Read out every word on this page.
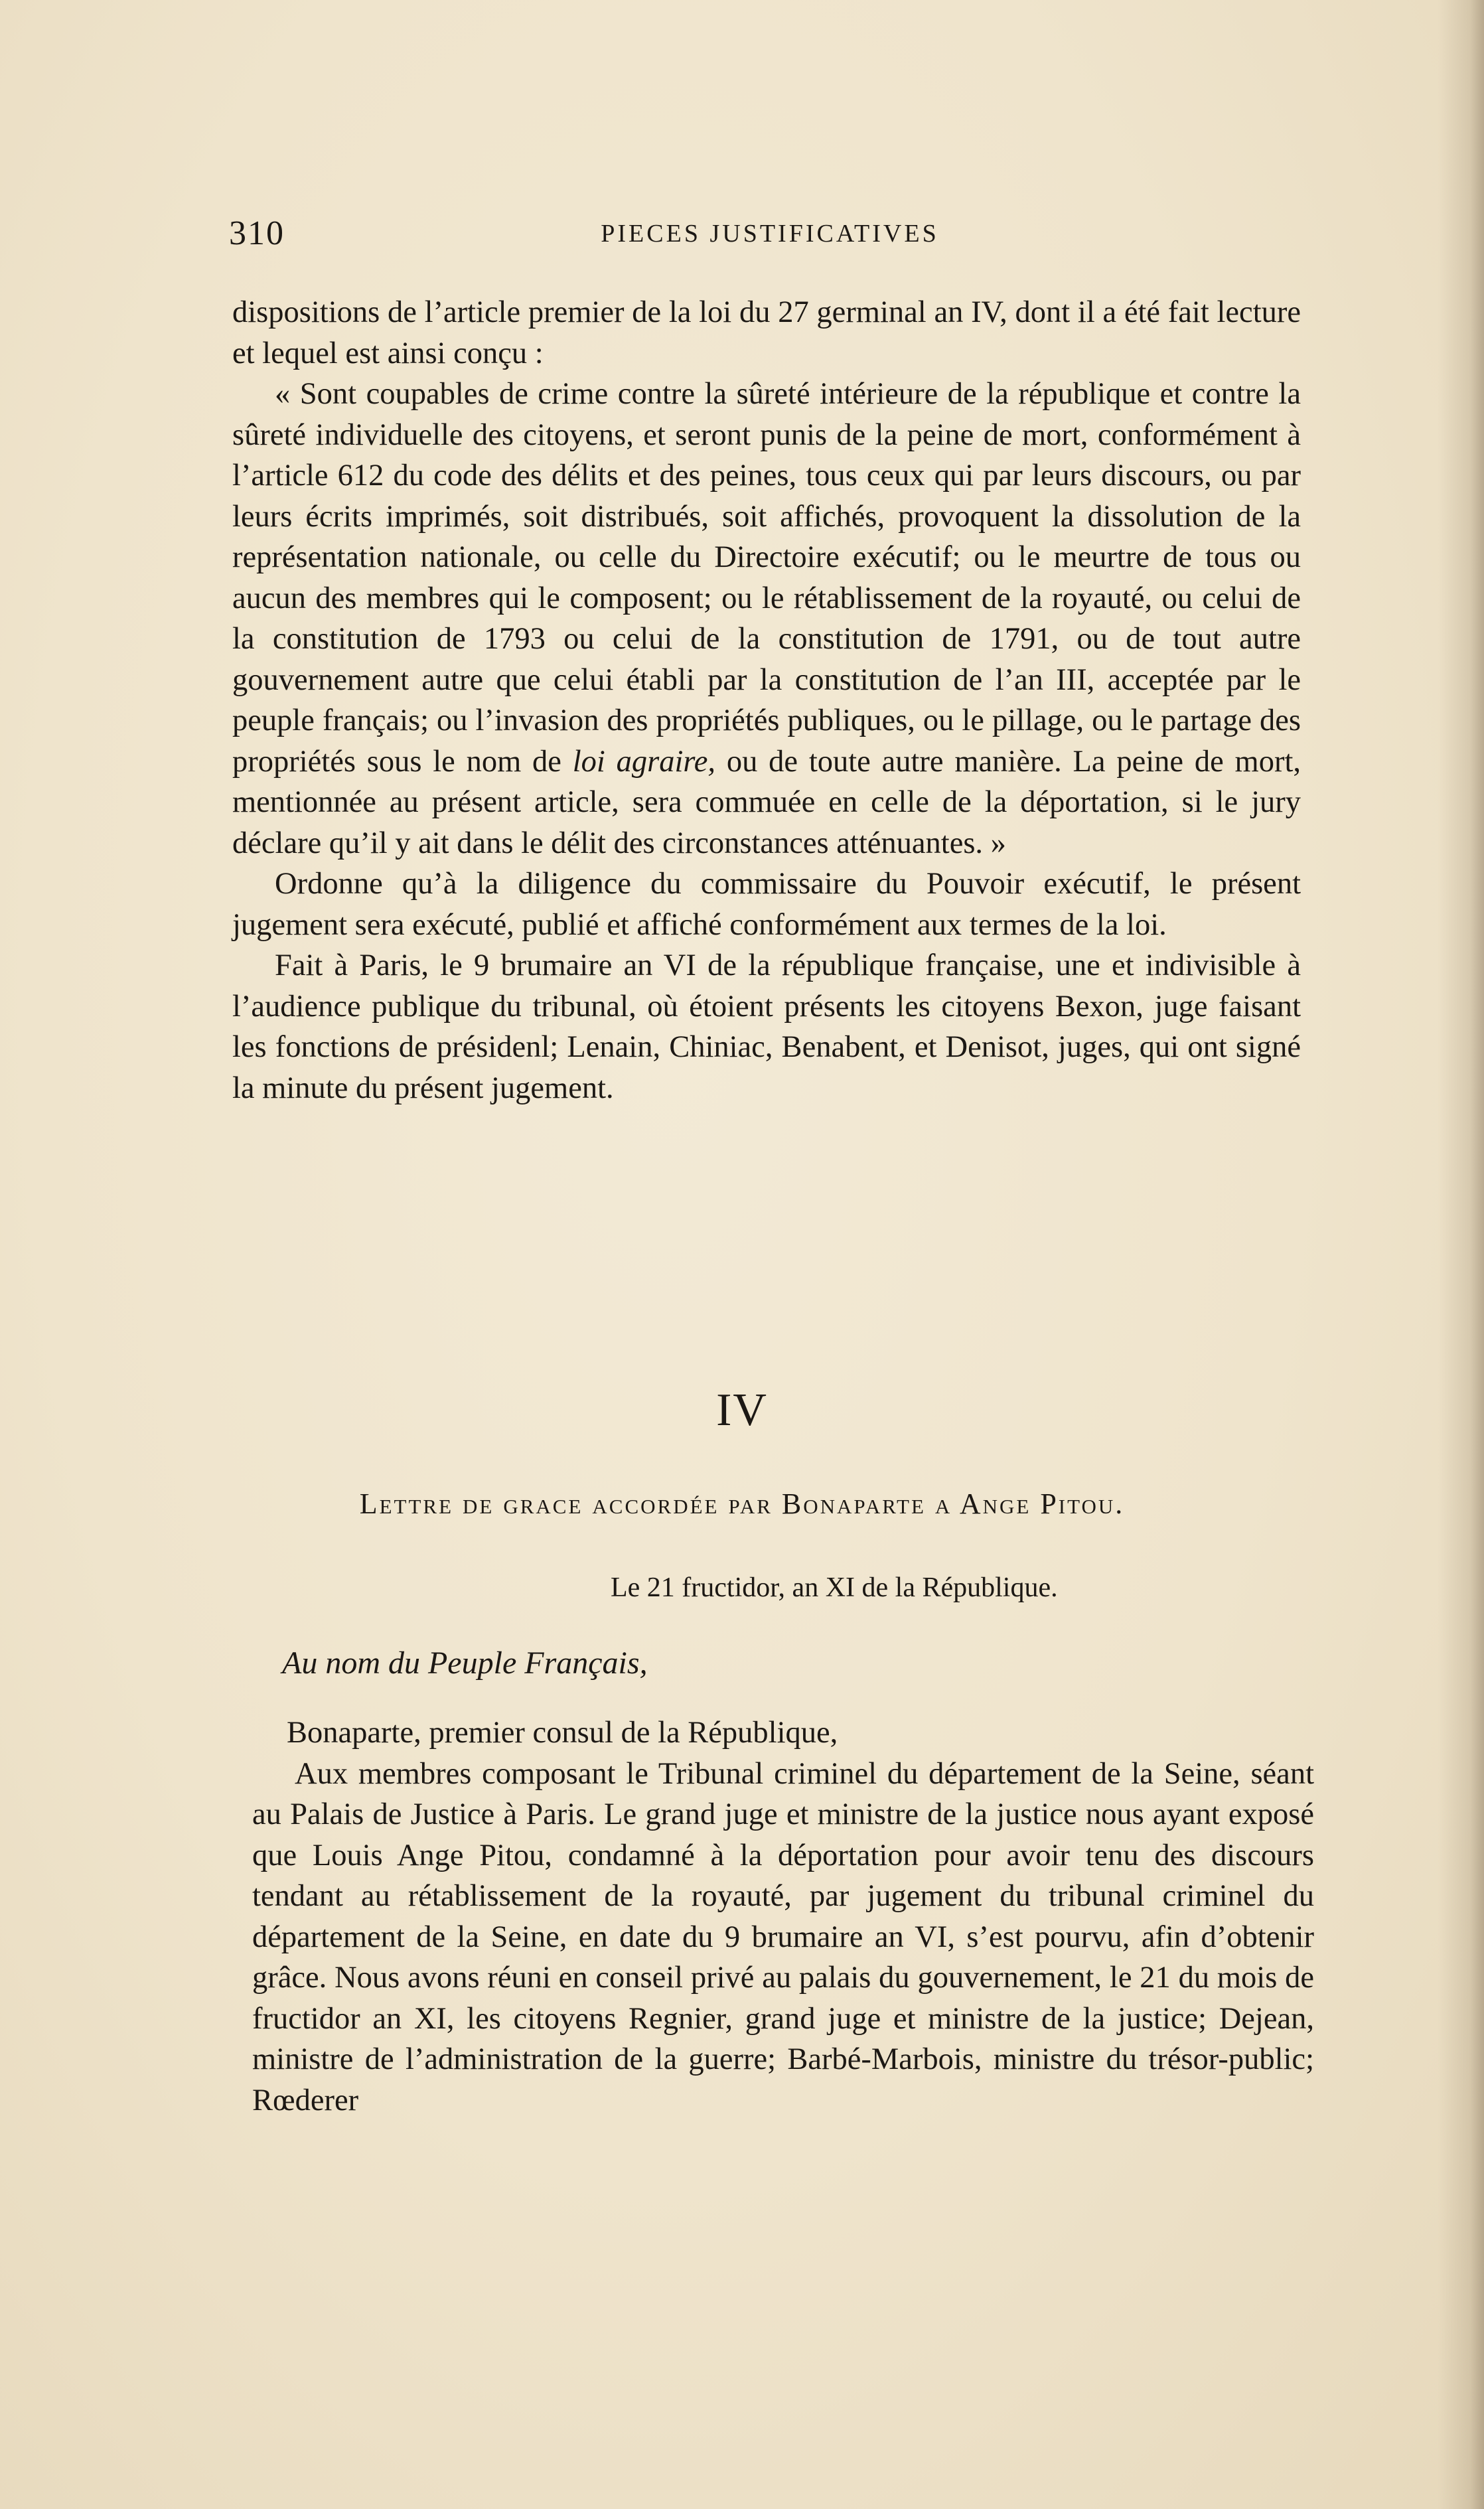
310	PIECES JUSTIFICATIVES

dispositions de l’article premier de la loi du 27 germinal an IV, dont il a été fait lecture et lequel est ainsi conçu :

« Sont coupables de crime contre la sûreté intérieure de la république et contre la sûreté individuelle des citoyens, et seront punis de la peine de mort, conformément à l’article 612 du code des délits et des peines, tous ceux qui par leurs discours, ou par leurs écrits imprimés, soit distribués, soit affichés, provoquent la dissolution de la représentation nationale, ou celle du Directoire exécutif; ou le meurtre de tous ou aucun des membres qui le composent; ou le rétablissement de la royauté, ou celui de la constitution de 1793 ou celui de la constitution de 1791, ou de tout autre gouvernement autre que celui établi par la constitution de l’an III, acceptée par le peuple français; ou l’invasion des propriétés publiques, ou le pillage, ou le partage des propriétés sous le nom de loi agraire, ou de toute autre manière. La peine de mort, mentionnée au présent article, sera commuée en celle de la déportation, si le jury déclare qu’il y ait dans le délit des circonstances atténuantes. »

Ordonne qu’à la diligence du commissaire du Pouvoir exécutif, le présent jugement sera exécuté, publié et affiché conformément aux termes de la loi.

Fait à Paris, le 9 brumaire an VI de la république française, une et indivisible à l’audience publique du tribunal, où étoient présents les citoyens Bexon, juge faisant les fonctions de présidenl; Lenain, Chiniac, Benabent, et Denisot, juges, qui ont signé la minute du présent jugement.

IV
Lettre de grace accordée par Bonaparte a Ange Pitou.
Le 21 fructidor, an XI de la République.
Au nom du Peuple Français,

Bonaparte, premier consul de la République,

Aux membres composant le Tribunal criminel du département de la Seine, séant au Palais de Justice à Paris. Le grand juge et ministre de la justice nous ayant exposé que Louis Ange Pitou, condamné à la déportation pour avoir tenu des discours tendant au rétablissement de la royauté, par jugement du tribunal criminel du département de la Seine, en date du 9 brumaire an VI, s’est pourvu, afin d’obtenir grâce. Nous avons réuni en conseil privé au palais du gouvernement, le 21 du mois de fructidor an XI, les citoyens Regnier, grand juge et ministre de la justice; Dejean, ministre de l’administration de la guerre; Barbé-Marbois, ministre du trésor-public; Rœderer
